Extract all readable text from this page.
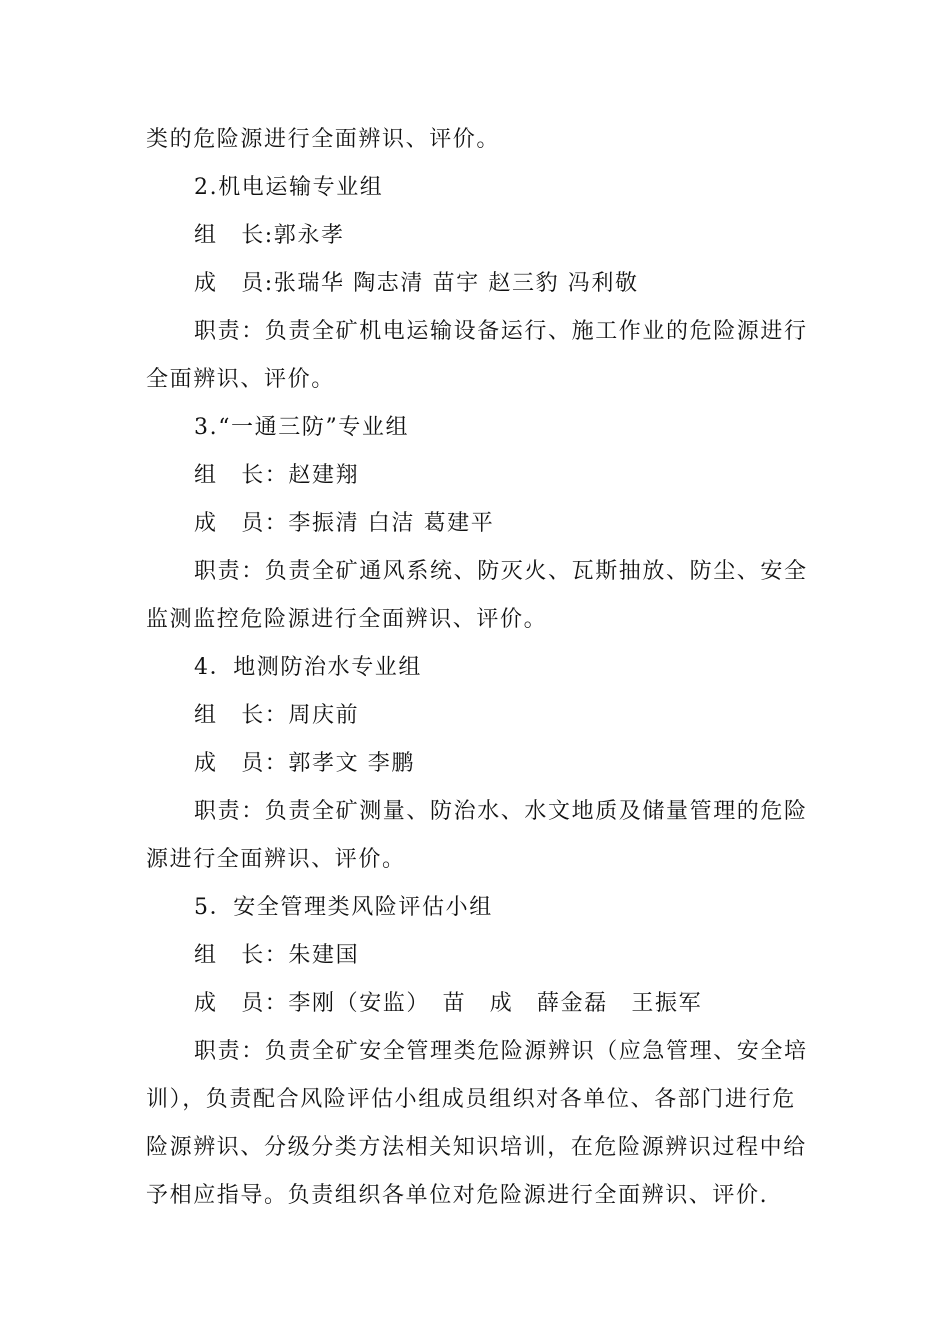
类的危险源进行全面辨识、评价。
2.机电运输专业组
组　长:郭永孝
成　员:张瑞华 陶志清 苗宇 赵三豹 冯利敬
职责：负责全矿机电运输设备运行、施工作业的危险源进行
全面辨识、评价。
3.“一通三防”专业组
组　长：赵建翔
成　员：李振清 白洁 葛建平
职责：负责全矿通风系统、防灭火、瓦斯抽放、防尘、安全
监测监控危险源进行全面辨识、评价。
4．地测防治水专业组
组　长：周庆前
成　员：郭孝文 李鹏
职责：负责全矿测量、防治水、水文地质及储量管理的危险
源进行全面辨识、评价。
5．安全管理类风险评估小组
组　长：朱建国
成　员：李刚（安监）　苗　成　薛金磊　王振军
职责：负责全矿安全管理类危险源辨识（应急管理、安全培
训），负责配合风险评估小组成员组织对各单位、各部门进行危
险源辨识、分级分类方法相关知识培训，在危险源辨识过程中给
予相应指导。负责组织各单位对危险源进行全面辨识、评价.
